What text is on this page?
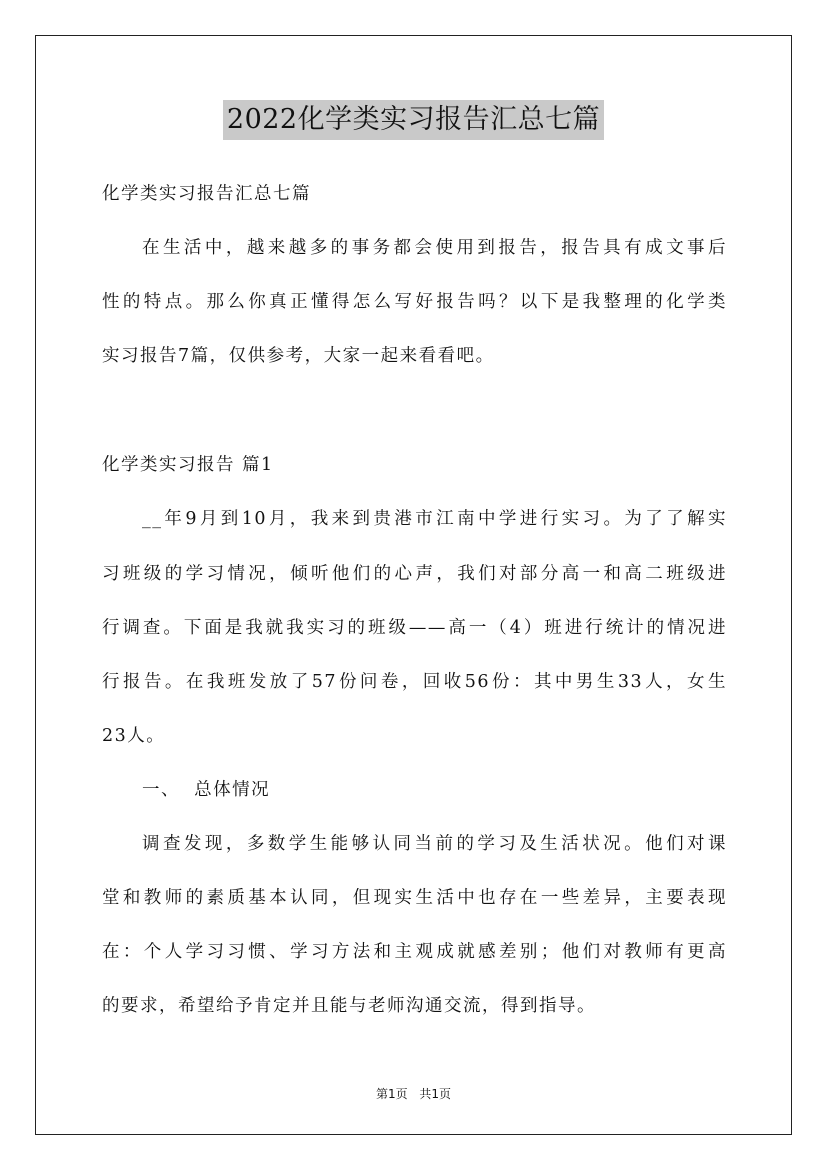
2022化学类实习报告汇总七篇
化学类实习报告汇总七篇
在生活中，越来越多的事务都会使用到报告，报告具有成文事后
性的特点。那么你真正懂得怎么写好报告吗？以下是我整理的化学类
实习报告7篇，仅供参考，大家一起来看看吧。
化学类实习报告 篇1
__年9月到10月，我来到贵港市江南中学进行实习。为了了解实
习班级的学习情况，倾听他们的心声，我们对部分高一和高二班级进
行调查。下面是我就我实习的班级——高一（4）班进行统计的情况进
行报告。在我班发放了57份问卷，回收56份：其中男生33人，女生
23人。
一、  总体情况
调查发现，多数学生能够认同当前的学习及生活状况。他们对课
堂和教师的素质基本认同，但现实生活中也存在一些差异，主要表现
在：个人学习习惯、学习方法和主观成就感差别；他们对教师有更高
的要求，希望给予肯定并且能与老师沟通交流，得到指导。
第1页 共1页
